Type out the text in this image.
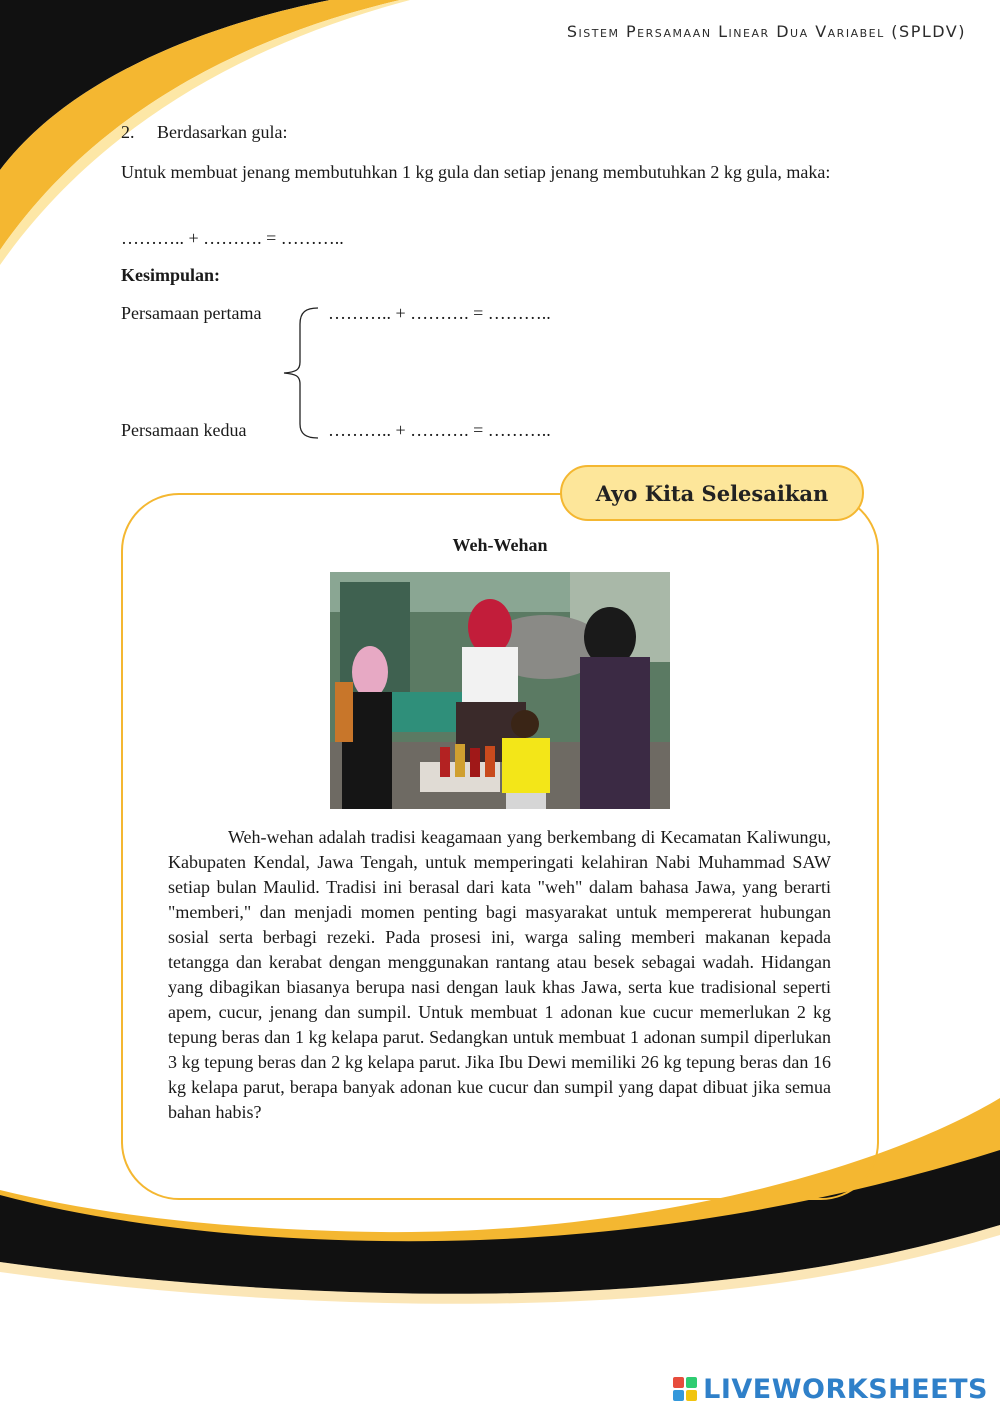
Sistem Persamaan Linear Dua Variabel (SPLDV)
2. Berdasarkan gula:
Untuk membuat jenang membutuhkan 1 kg gula dan setiap jenang membutuhkan 2 kg gula, maka:
……….. + ………. = ………..
Kesimpulan:
Persamaan pertama	……….. + ………. = ………..
Persamaan kedua	……….. + ………. = ………..
Ayo Kita Selesaikan
Weh-Wehan

Weh-wehan adalah tradisi keagamaan yang berkembang di Kecamatan Kaliwungu, Kabupaten Kendal, Jawa Tengah, untuk memperingati kelahiran Nabi Muhammad SAW setiap bulan Maulid. Tradisi ini berasal dari kata "weh" dalam bahasa Jawa, yang berarti "memberi," dan menjadi momen penting bagi masyarakat untuk mempererat hubungan sosial serta berbagi rezeki. Pada prosesi ini, warga saling memberi makanan kepada tetangga dan kerabat dengan menggunakan rantang atau besek sebagai wadah. Hidangan yang dibagikan biasanya berupa nasi dengan lauk khas Jawa, serta kue tradisional seperti apem, cucur, jenang dan sumpil. Untuk membuat 1 adonan kue cucur memerlukan 2 kg tepung beras dan 1 kg kelapa parut. Sedangkan untuk membuat 1 adonan sumpil diperlukan 3 kg tepung beras dan 2 kg kelapa parut. Jika Ibu Dewi memiliki 26 kg tepung beras dan 16 kg kelapa parut, berapa banyak adonan kue cucur dan sumpil yang dapat dibuat jika semua bahan habis?

LIVEWORKSHEETS
